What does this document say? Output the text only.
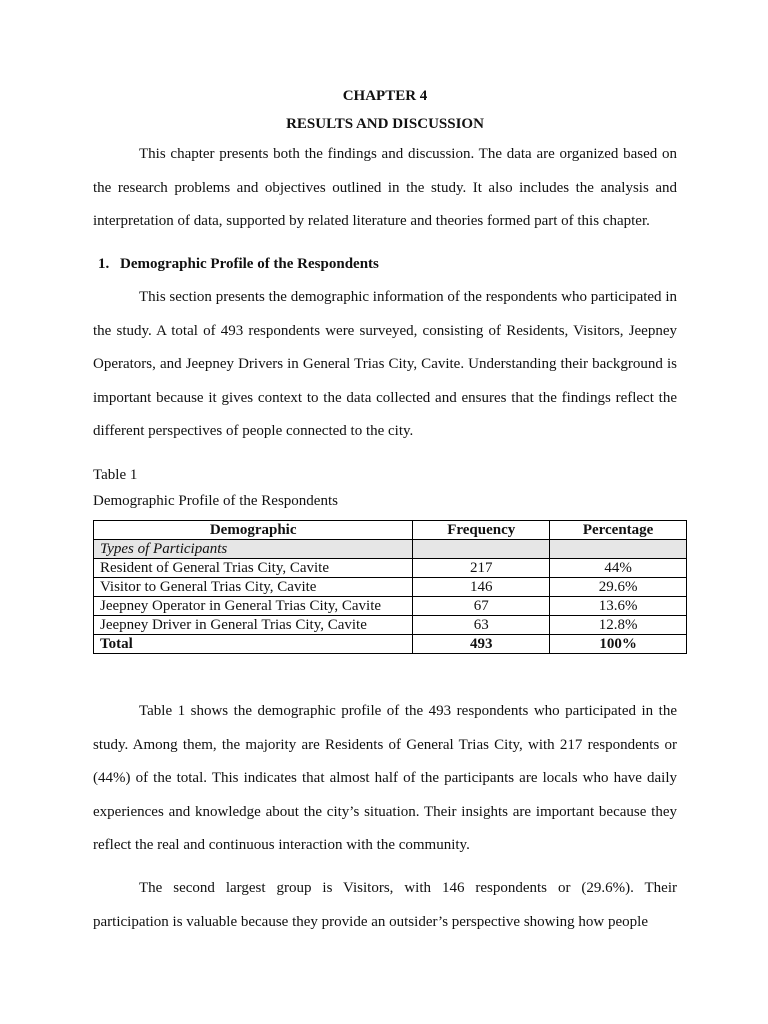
CHAPTER 4
RESULTS AND DISCUSSION

This chapter presents both the findings and discussion. The data are organized based on the research problems and objectives outlined in the study. It also includes the analysis and interpretation of data, supported by related literature and theories formed part of this chapter.

1. Demographic Profile of the Respondents

This section presents the demographic information of the respondents who participated in the study. A total of 493 respondents were surveyed, consisting of Residents, Visitors, Jeepney Operators, and Jeepney Drivers in General Trias City, Cavite. Understanding their background is important because it gives context to the data collected and ensures that the findings reflect the different perspectives of people connected to the city.

Table 1
Demographic Profile of the Respondents
Demographic	Frequency	Percentage
Types of Participants		
Resident of General Trias City, Cavite	217	44%
Visitor to General Trias City, Cavite	146	29.6%
Jeepney Operator in General Trias City, Cavite	67	13.6%
Jeepney Driver in General Trias City, Cavite	63	12.8%
Total	493	100%

Table 1 shows the demographic profile of the 493 respondents who participated in the study. Among them, the majority are Residents of General Trias City, with 217 respondents or (44%) of the total. This indicates that almost half of the participants are locals who have daily experiences and knowledge about the city’s situation. Their insights are important because they reflect the real and continuous interaction with the community.

The second largest group is Visitors, with 146 respondents or (29.6%). Their participation is valuable because they provide an outsider’s perspective showing how people
